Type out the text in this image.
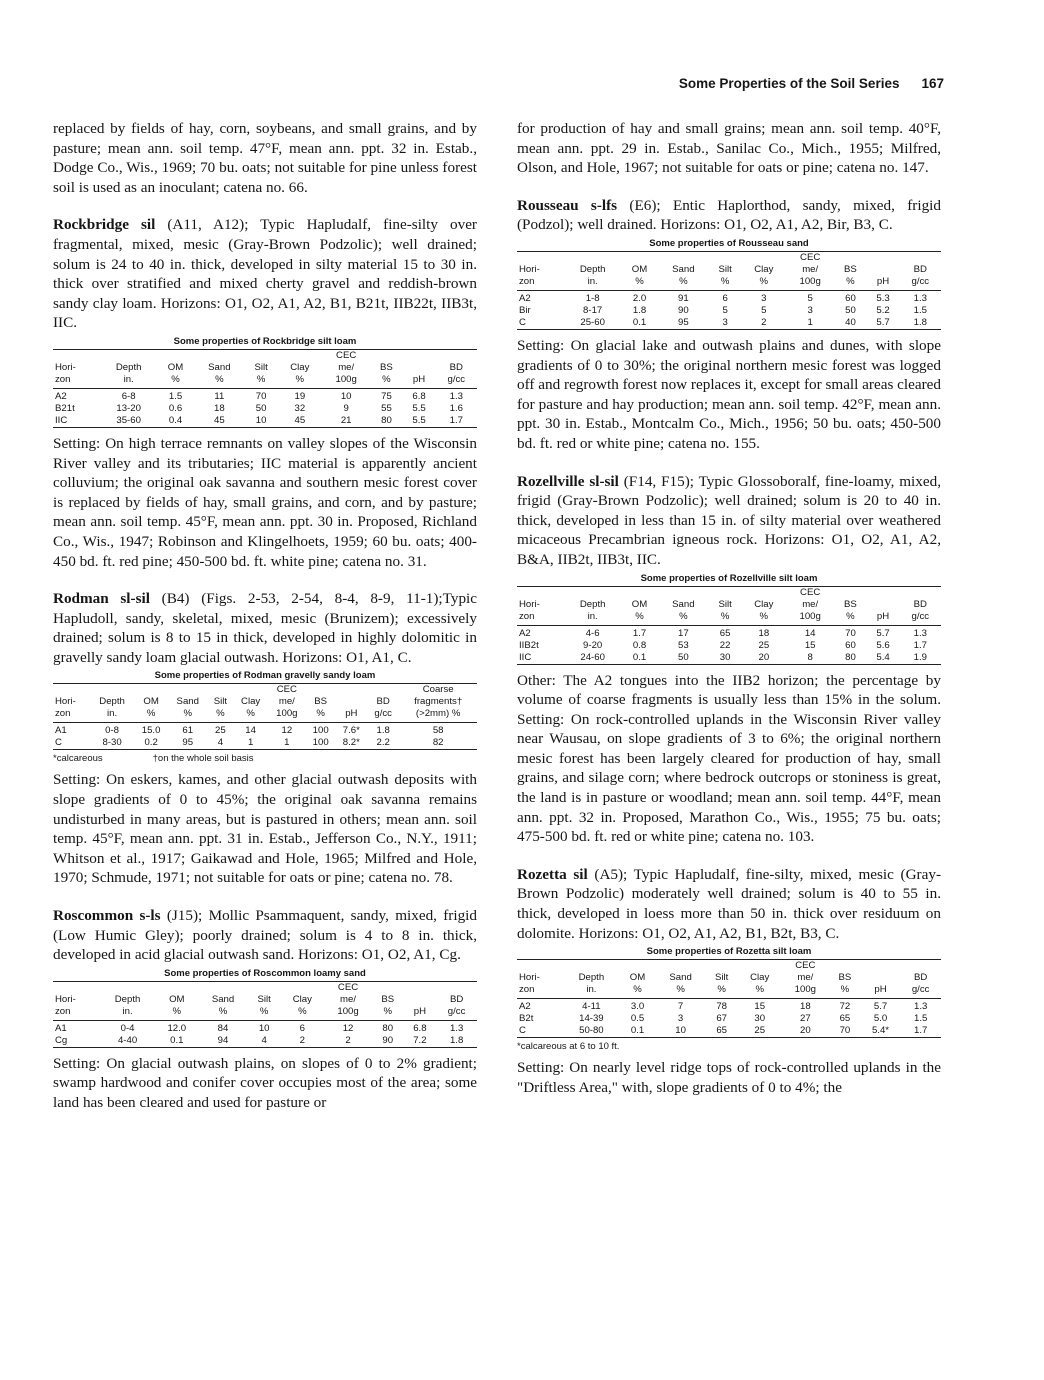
Some Properties of the Soil Series 167

replaced by fields of hay, corn, soybeans, and small grains, and by pasture; mean ann. soil temp. 47°F, mean ann. ppt. 32 in. Estab., Dodge Co., Wis., 1969; 70 bu. oats; not suitable for pine unless forest soil is used as an inoculant; catena no. 66.

Rockbridge sil (A11, A12); Typic Hapludalf, fine-silty over fragmental, mixed, mesic (Gray-Brown Podzolic); well drained; solum is 24 to 40 in. thick, developed in silty material 15 to 30 in. thick over stratified and mixed cherty gravel and reddish-brown sandy clay loam. Horizons: O1, O2, A1, A2, B1, B21t, IIB22t, IIB3t, IIC.

Some properties of Rockbridge silt loam
						CEC			
Hori-	Depth	OM	Sand	Silt	Clay	me/	BS		BD
zon	in.	%	%	%	%	100g	%	pH	g/cc
A2	6-8	1.5	11	70	19	10	75	6.8	1.3
B21t	13-20	0.6	18	50	32	9	55	5.5	1.6
IIC	35-60	0.4	45	10	45	21	80	5.5	1.7

Setting: On high terrace remnants on valley slopes of the Wisconsin River valley and its tributaries; IIC material is apparently ancient colluvium; the original oak savanna and southern mesic forest cover is replaced by fields of hay, small grains, and corn, and by pasture; mean ann. soil temp. 45°F, mean ann. ppt. 30 in. Proposed, Richland Co., Wis., 1947; Robinson and Klingelhoets, 1959; 60 bu. oats; 400-450 bd. ft. red pine; 450-500 bd. ft. white pine; catena no. 31.

Rodman sl-sil (B4) (Figs. 2-53, 2-54, 8-4, 8-9, 11-1);Typic Hapludoll, sandy, skeletal, mixed, mesic (Brunizem); excessively drained; solum is 8 to 15 in thick, developed in highly dolomitic in gravelly sandy loam glacial outwash. Horizons: O1, A1, C.

Some properties of Rodman gravelly sandy loam
						CEC				Coarse
Hori-	Depth	OM	Sand	Silt	Clay	me/	BS		BD	fragments†
zon	in.	%	%	%	%	100g	%	pH	g/cc	(>2mm) %
A1	0-8	15.0	61	25	14	12	100	7.6*	1.8	58
C	8-30	0.2	95	4	1	1	100	8.2*	2.2	82
*calcareous	†on the whole soil basis

Setting: On eskers, kames, and other glacial outwash deposits with slope gradients of 0 to 45%; the original oak savanna remains undisturbed in many areas, but is pastured in others; mean ann. soil temp. 45°F, mean ann. ppt. 31 in. Estab., Jefferson Co., N.Y., 1911; Whitson et al., 1917; Gaikawad and Hole, 1965; Milfred and Hole, 1970; Schmude, 1971; not suitable for oats or pine; catena no. 78.

Roscommon s-ls (J15); Mollic Psammaquent, sandy, mixed, frigid (Low Humic Gley); poorly drained; solum is 4 to 8 in. thick, developed in acid glacial outwash sand. Horizons: O1, O2, A1, Cg.

Some properties of Roscommon loamy sand
						CEC			
Hori-	Depth	OM	Sand	Silt	Clay	me/	BS		BD
zon	in.	%	%	%	%	100g	%	pH	g/cc
A1	0-4	12.0	84	10	6	12	80	6.8	1.3
Cg	4-40	0.1	94	4	2	2	90	7.2	1.8

Setting: On glacial outwash plains, on slopes of 0 to 2% gradient; swamp hardwood and conifer cover occupies most of the area; some land has been cleared and used for pasture or

for production of hay and small grains; mean ann. soil temp. 40°F, mean ann. ppt. 29 in. Estab., Sanilac Co., Mich., 1955; Milfred, Olson, and Hole, 1967; not suitable for oats or pine; catena no. 147.

Rousseau s-lfs (E6); Entic Haplorthod, sandy, mixed, frigid (Podzol); well drained. Horizons: O1, O2, A1, A2, Bir, B3, C.

Some properties of Rousseau sand
						CEC			
Hori-	Depth	OM	Sand	Silt	Clay	me/	BS		BD
zon	in.	%	%	%	%	100g	%	pH	g/cc
A2	1-8	2.0	91	6	3	5	60	5.3	1.3
Bir	8-17	1.8	90	5	5	3	50	5.2	1.5
C	25-60	0.1	95	3	2	1	40	5.7	1.8

Setting: On glacial lake and outwash plains and dunes, with slope gradients of 0 to 30%; the original northern mesic forest was logged off and regrowth forest now replaces it, except for small areas cleared for pasture and hay production; mean ann. soil temp. 42°F, mean ann. ppt. 30 in. Estab., Montcalm Co., Mich., 1956; 50 bu. oats; 450-500 bd. ft. red or white pine; catena no. 155.

Rozellville sl-sil (F14, F15); Typic Glossoboralf, fine-loamy, mixed, frigid (Gray-Brown Podzolic); well drained; solum is 20 to 40 in. thick, developed in less than 15 in. of silty material over weathered micaceous Precambrian igneous rock. Horizons: O1, O2, A1, A2, B&A, IIB2t, IIB3t, IIC.

Some properties of Rozellville silt loam
						CEC			
Hori-	Depth	OM	Sand	Silt	Clay	me/	BS		BD
zon	in.	%	%	%	%	100g	%	pH	g/cc
A2	4-6	1.7	17	65	18	14	70	5.7	1.3
IIB2t	9-20	0.8	53	22	25	15	60	5.6	1.7
IIC	24-60	0.1	50	30	20	8	80	5.4	1.9

Other: The A2 tongues into the IIB2 horizon; the percentage by volume of coarse fragments is usually less than 15% in the solum. Setting: On rock-controlled uplands in the Wisconsin River valley near Wausau, on slope gradients of 3 to 6%; the original northern mesic forest has been largely cleared for production of hay, small grains, and silage corn; where bedrock outcrops or stoniness is great, the land is in pasture or woodland; mean ann. soil temp. 44°F, mean ann. ppt. 32 in. Proposed, Marathon Co., Wis., 1955; 75 bu. oats; 475-500 bd. ft. red or white pine; catena no. 103.

Rozetta sil (A5); Typic Hapludalf, fine-silty, mixed, mesic (Gray-Brown Podzolic) moderately well drained; solum is 40 to 55 in. thick, developed in loess more than 50 in. thick over residuum on dolomite. Horizons: O1, O2, A1, A2, B1, B2t, B3, C.

Some properties of Rozetta silt loam
						CEC			
Hori-	Depth	OM	Sand	Silt	Clay	me/	BS		BD
zon	in.	%	%	%	%	100g	%	pH	g/cc
A2	4-11	3.0	7	78	15	18	72	5.7	1.3
B2t	14-39	0.5	3	67	30	27	65	5.0	1.5
C	50-80	0.1	10	65	25	20	70	5.4*	1.7
*calcareous at 6 to 10 ft.

Setting: On nearly level ridge tops of rock-controlled uplands in the "Driftless Area," with, slope gradients of 0 to 4%; the
